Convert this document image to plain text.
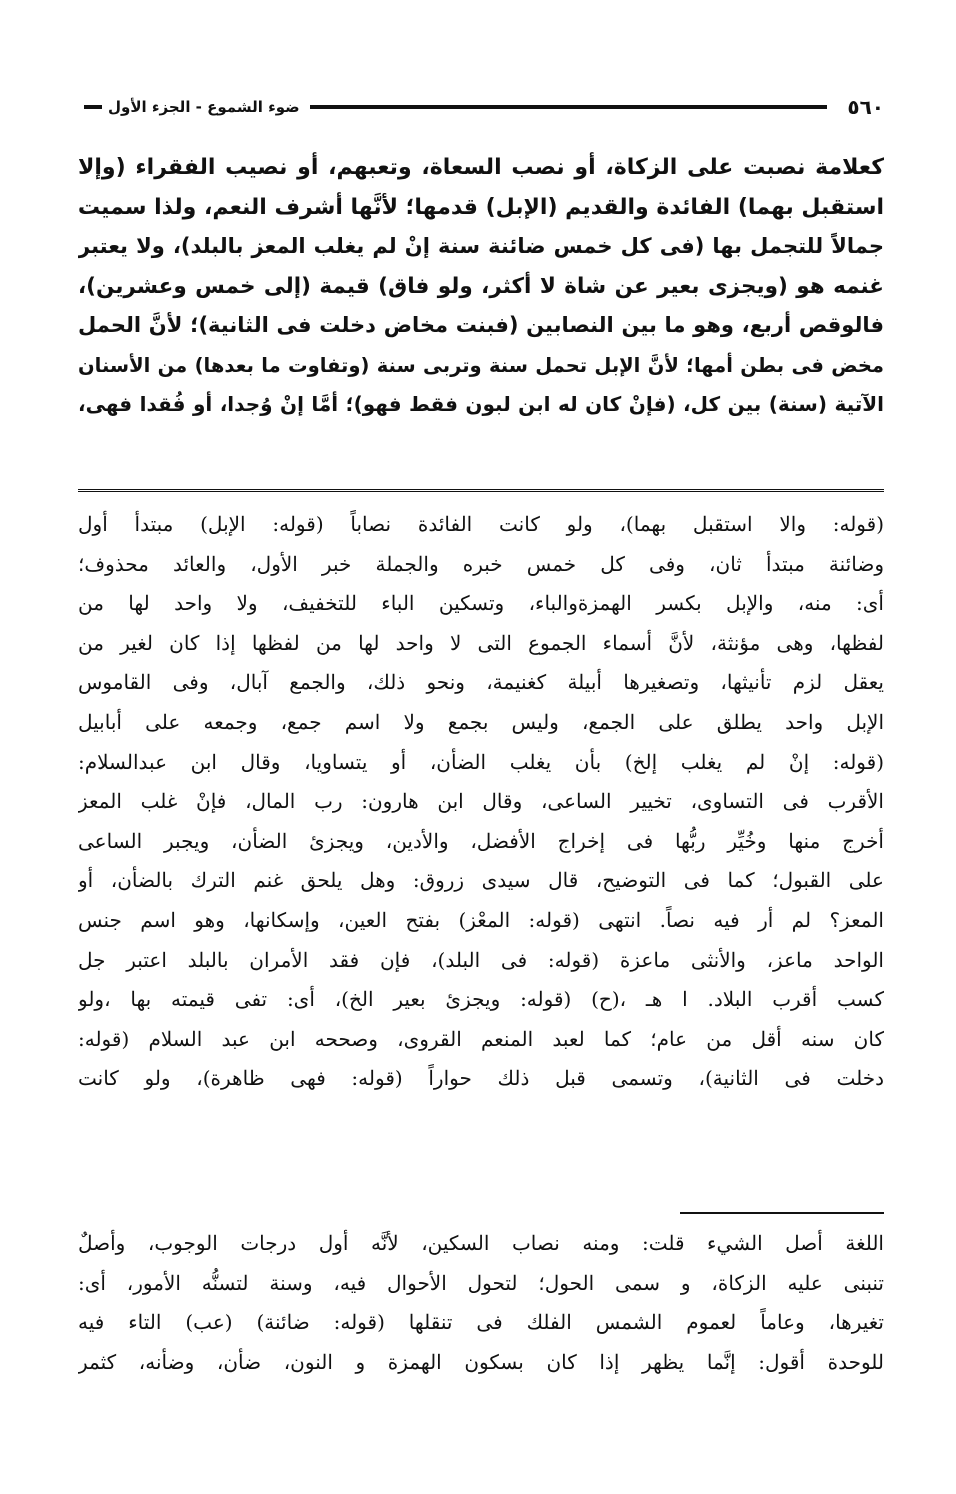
٥٦٠
ضوء الشموع - الجزء الأول
كعلامة نصبت على الزكاة، أو نصب السعاة، وتعبهم، أو نصيب الفقراء (وإلا
استقبل بهما) الفائدة والقديم (الإبل) قدمها؛ لأنَّها أشرف النعم، ولذا سميت
جمالاً للتجمل بها (فى كل خمس ضائنة سنة إنْ لم يغلب المعز بالبلد)، ولا يعتبر
غنمه هو (ويجزى بعير عن شاة لا أكثر، ولو فاق) قيمة (إلى خمس وعشرين)،
فالوقص أربع، وهو ما بين النصابين (فبنت مخاض دخلت فى الثانية)؛ لأنَّ الحمل
مخض فى بطن أمها؛ لأنَّ الإبل تحمل سنة وتربى سنة (وتفاوت ما بعدها) من الأسنان
الآتية (سنة) بين كل، (فإنْ كان له ابن لبون فقط فهو)؛ أمَّا إنْ وُجدا، أو فُقدا فهى،
(قوله: والا استقبل بهما)، ولو كانت الفائدة نصاباً (قوله: الإبل) مبتدأ أول
وضائنة مبتدأ ثان، وفى كل خمس خبره والجملة خبر الأول، والعائد محذوف؛
أى: منه، والإبل بكسر الهمزةوالباء، وتسكين الباء للتخفيف، ولا واحد لها من
لفظها، وهى مؤنثة، لأنَّ أسماء الجموع التى لا واحد لها من لفظها إذا كان لغير من
يعقل لزم تأنيثها، وتصغيرها أبيلة كغنيمة، ونحو ذلك، والجمع آبال، وفى القاموس
الإبل واحد يطلق على الجمع، وليس بجمع ولا اسم جمع، وجمعه على أبابيل
(قوله: إنْ لم يغلب إلخ) بأن يغلب الضأن، أو يتساويا، وقال ابن عبدالسلام:
الأقرب فى التساوى، تخيير الساعى، وقال ابن هارون: رب المال، فإنْ غلب المعز
أخرج منها وخُيِّر ربُّها فى إخراج الأفضل، والأدين، ويجزئ الضأن، ويجبر الساعى
على القبول؛ كما فى التوضيح، قال سيدى زروق: وهل يلحق غنم الترك بالضأن، أو
المعز؟ لم أر فيه نصاً. انتهى (قوله: المعْز) بفتح العين، وإسكانها، وهو اسم جنس
الواحد ماعز، والأنثى ماعزة (قوله: فى البلد)، فإن فقد الأمران بالبلد اعتبر جل
كسب أقرب البلاد. ا هـ ،(ح) (قوله: ويجزئ بعير الخ)، أى: تفى قيمته بها ،ولو
كان سنه أقل من عام؛ كما لعبد المنعم القروى، وصححه ابن عبد السلام (قوله:
دخلت فى الثانية)، وتسمى قبل ذلك حواراً (قوله: فهى ظاهرة)، ولو كانت
اللغة أصل الشيء قلت: ومنه نصاب السكين، لأنَّه أول درجات الوجوب، وأصلٌ
تنبنى عليه الزكاة، و سمى الحول؛ لتحول الأحوال فيه، وسنة لتسنُّه الأمور، أى:
تغيرها، وعاماً لعموم الشمس الفلك فى تنقلها (قوله: ضائنة) (عب) التاء فيه
للوحدة أقول: إنَّما يظهر إذا كان بسكون الهمزة و النون، ضأن، وضأنه، كثمر
